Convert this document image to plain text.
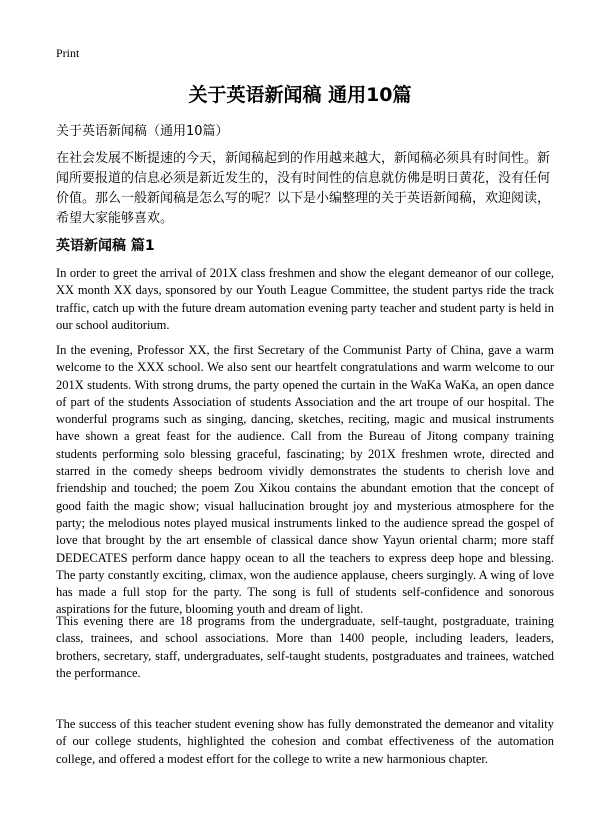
Print
关于英语新闻稿 通用10篇
关于英语新闻稿（通用10篇）

在社会发展不断提速的今天，新闻稿起到的作用越来越大，新闻稿必须具有时间性。新闻所要报道的信息必须是新近发生的，没有时间性的信息就仿佛是明日黄花，没有任何价值。那么一般新闻稿是怎么写的呢？以下是小编整理的关于英语新闻稿，欢迎阅读，希望大家能够喜欢。

英语新闻稿 篇1

In order to greet the arrival of 201X class freshmen and show the elegant demeanor of our college, XX month XX days, sponsored by our Youth League Committee, the student partys ride the track traffic, catch up with the future dream automation evening party teacher and student party is held in our school auditorium.

In the evening, Professor XX, the first Secretary of the Communist Party of China, gave a warm welcome to the XXX school. We also sent our heartfelt congratulations and warm welcome to our 201X students. With strong drums, the party opened the curtain in the WaKa WaKa, an open dance of part of the students Association of students Association and the art troupe of our hospital. The wonderful programs such as singing, dancing, sketches, reciting, magic and musical instruments have shown a great feast for the audience. Call from the Bureau of Jitong company training students performing solo blessing graceful, fascinating; by 201X freshmen wrote, directed and starred in the comedy sheeps bedroom vividly demonstrates the students to cherish love and friendship and touched; the poem Zou Xikou contains the abundant emotion that the concept of good faith the magic show; visual hallucination brought joy and mysterious atmosphere for the party; the melodious notes played musical instruments linked to the audience spread the gospel of love that brought by the art ensemble of classical dance show Yayun oriental charm; more staff DEDECATES perform dance happy ocean to all the teachers to express deep hope and blessing. The party constantly exciting, climax, won the audience applause, cheers surgingly. A wing of love has made a full stop for the party. The song is full of students self-confidence and sonorous aspirations for the future, blooming youth and dream of light.

This evening there are 18 programs from the undergraduate, self-taught, postgraduate, training class, trainees, and school associations. More than 1400 people, including leaders, leaders, brothers, secretary, staff, undergraduates, self-taught students, postgraduates and trainees, watched the performance.

The success of this teacher student evening show has fully demonstrated the demeanor and vitality of our college students, highlighted the cohesion and combat effectiveness of the automation college, and offered a modest effort for the college to write a new harmonious chapter.
